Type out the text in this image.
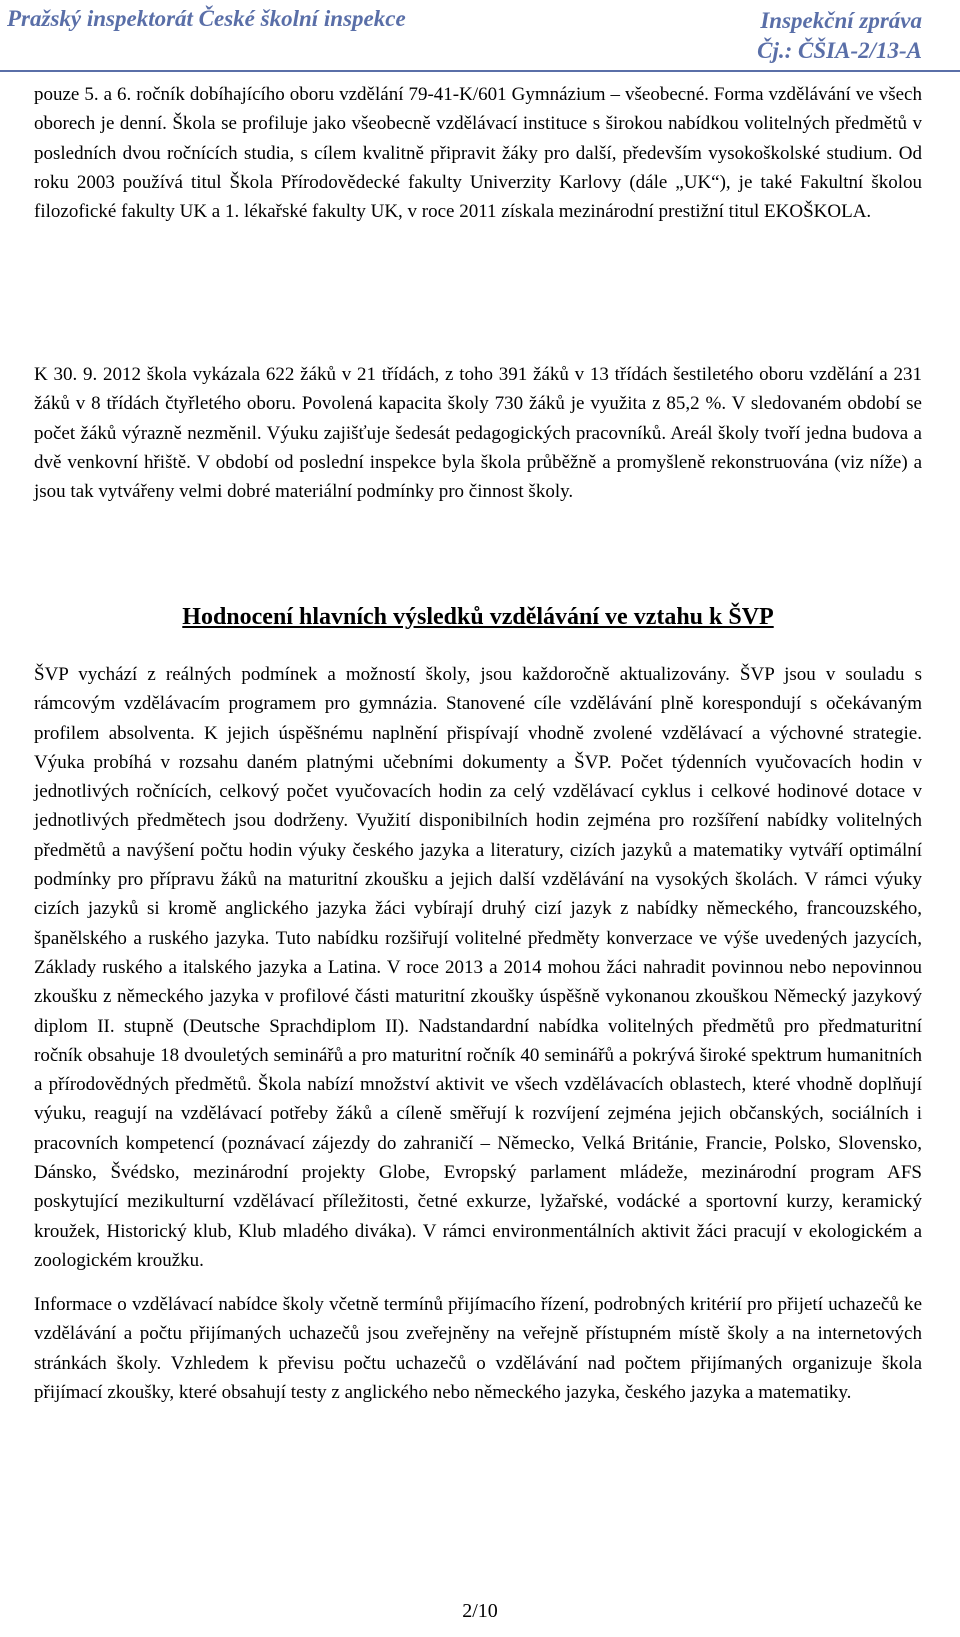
Pražský inspektorát České školní inspekce	Inspekční zpráva
Čj.: ČŠIA-2/13-A

pouze 5. a 6. ročník dobíhajícího oboru vzdělání 79-41-K/601 Gymnázium – všeobecné. Forma vzdělávání ve všech oborech je denní. Škola se profiluje jako všeobecně vzdělávací instituce s širokou nabídkou volitelných předmětů v posledních dvou ročnících studia, s cílem kvalitně připravit žáky pro další, především vysokoškolské studium. Od roku 2003 používá titul Škola Přírodovědecké fakulty Univerzity Karlovy (dále „UK“), je také Fakultní školou filozofické fakulty UK a 1. lékařské fakulty UK, v roce 2011 získala mezinárodní prestižní titul EKOŠKOLA.

K 30. 9. 2012 škola vykázala 622 žáků v 21 třídách, z toho 391 žáků v 13 třídách šestiletého oboru vzdělání a 231 žáků v 8 třídách čtyřletého oboru. Povolená kapacita školy 730 žáků je využita z 85,2 %. V sledovaném období se počet žáků výrazně nezměnil. Výuku zajišťuje šedesát pedagogických pracovníků. Areál školy tvoří jedna budova a dvě venkovní hřiště. V období od poslední inspekce byla škola průběžně a promyšleně rekonstruována (viz níže) a jsou tak vytvářeny velmi dobré materiální podmínky pro činnost školy.

Hodnocení hlavních výsledků vzdělávání ve vztahu k ŠVP

ŠVP vychází z reálných podmínek a možností školy, jsou každoročně aktualizovány. ŠVP jsou v souladu s rámcovým vzdělávacím programem pro gymnázia. Stanovené cíle vzdělávání plně korespondují s očekávaným profilem absolventa. K jejich úspěšnému naplnění přispívají vhodně zvolené vzdělávací a výchovné strategie. Výuka probíhá v rozsahu daném platnými učebními dokumenty a ŠVP. Počet týdenních vyučovacích hodin v jednotlivých ročnících, celkový počet vyučovacích hodin za celý vzdělávací cyklus i celkové hodinové dotace v jednotlivých předmětech jsou dodrženy. Využití disponibilních hodin zejména pro rozšíření nabídky volitelných předmětů a navýšení počtu hodin výuky českého jazyka a literatury, cizích jazyků a matematiky vytváří optimální podmínky pro přípravu žáků na maturitní zkoušku a jejich další vzdělávání na vysokých školách. V rámci výuky cizích jazyků si kromě anglického jazyka žáci vybírají druhý cizí jazyk z nabídky německého, francouzského, španělského a ruského jazyka. Tuto nabídku rozšiřují volitelné předměty konverzace ve výše uvedených jazycích, Základy ruského a italského jazyka a Latina. V roce 2013 a 2014 mohou žáci nahradit povinnou nebo nepovinnou zkoušku z německého jazyka v profilové části maturitní zkoušky úspěšně vykonanou zkouškou Německý jazykový diplom II. stupně (Deutsche Sprachdiplom II). Nadstandardní nabídka volitelných předmětů pro předmaturitní ročník obsahuje 18 dvouletých seminářů a pro maturitní ročník 40 seminářů a pokrývá široké spektrum humanitních a přírodovědných předmětů. Škola nabízí množství aktivit ve všech vzdělávacích oblastech, které vhodně doplňují výuku, reagují na vzdělávací potřeby žáků a cíleně směřují k rozvíjení zejména jejich občanských, sociálních i pracovních kompetencí (poznávací zájezdy do zahraničí – Německo, Velká Británie, Francie, Polsko, Slovensko, Dánsko, Švédsko, mezinárodní projekty Globe, Evropský parlament mládeže, mezinárodní program AFS poskytující mezikulturní vzdělávací příležitosti, četné exkurze, lyžařské, vodácké a sportovní kurzy, keramický kroužek, Historický klub, Klub mladého diváka). V rámci environmentálních aktivit žáci pracují v ekologickém a zoologickém kroužku.

Informace o vzdělávací nabídce školy včetně termínů přijímacího řízení, podrobných kritérií pro přijetí uchazečů ke vzdělávání a počtu přijímaných uchazečů jsou zveřejněny na veřejně přístupném místě školy a na internetových stránkách školy. Vzhledem k převisu počtu uchazečů o vzdělávání nad počtem přijímaných organizuje škola přijímací zkoušky, které obsahují testy z anglického nebo německého jazyka, českého jazyka a matematiky.

2/10
